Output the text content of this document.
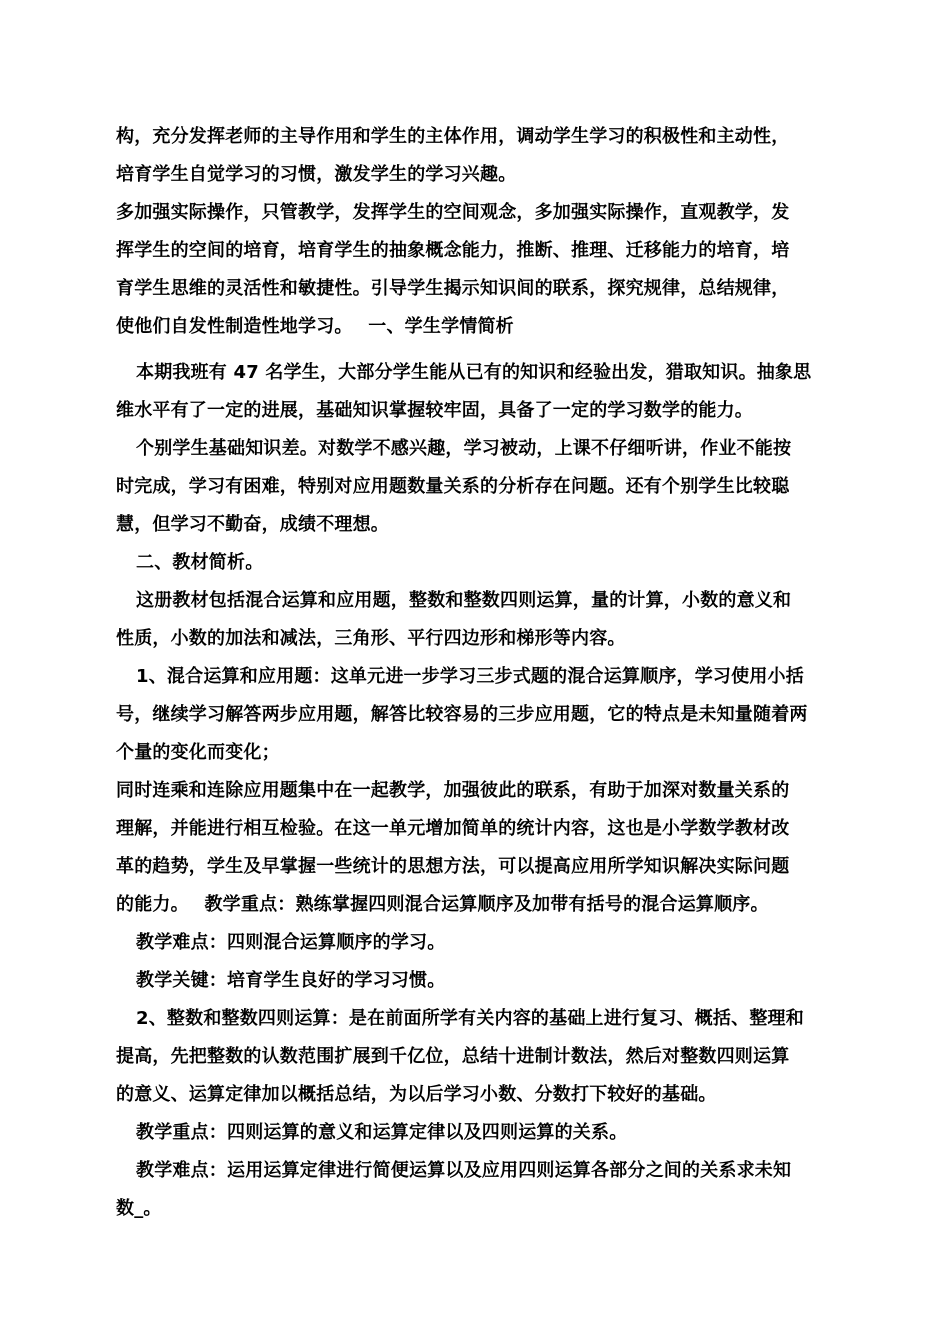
构，充分发挥老师的主导作用和学生的主体作用，调动学生学习的积极性和主动性，
培育学生自觉学习的习惯，激发学生的学习兴趣。
多加强实际操作，只管教学，发挥学生的空间观念，多加强实际操作，直观教学，发
挥学生的空间的培育，培育学生的抽象概念能力，推断、推理、迁移能力的培育，培
育学生思维的灵活性和敏捷性。引导学生揭示知识间的联系，探究规律，总结规律，
使他们自发性制造性地学习。　 一、学生学情简析
本期我班有 47 名学生，大部分学生能从已有的知识和经验出发，猎取知识。抽象思
维水平有了一定的进展，基础知识掌握较牢固，具备了一定的学习数学的能力。
个别学生基础知识差。对数学不感兴趣，学习被动，上课不仔细听讲，作业不能按
时完成，学习有困难，特别对应用题数量关系的分析存在问题。还有个别学生比较聪
慧，但学习不勤奋，成绩不理想。
二、教材简析。
这册教材包括混合运算和应用题，整数和整数四则运算，量的计算，小数的意义和
性质，小数的加法和减法，三角形、平行四边形和梯形等内容。
1、混合运算和应用题：这单元进一步学习三步式题的混合运算顺序，学习使用小括
号，继续学习解答两步应用题，解答比较容易的三步应用题，它的特点是未知量随着两
个量的变化而变化；
同时连乘和连除应用题集中在一起教学，加强彼此的联系，有助于加深对数量关系的
理解，并能进行相互检验。在这一单元增加简单的统计内容，这也是小学数学教材改
革的趋势，学生及早掌握一些统计的思想方法，可以提高应用所学知识解决实际问题
的能力。　 教学重点：熟练掌握四则混合运算顺序及加带有括号的混合运算顺序。
教学难点：四则混合运算顺序的学习。
教学关键：培育学生良好的学习习惯。
2、整数和整数四则运算：是在前面所学有关内容的基础上进行复习、概括、整理和
提高，先把整数的认数范围扩展到千亿位，总结十进制计数法，然后对整数四则运算
的意义、运算定律加以概括总结，为以后学习小数、分数打下较好的基础。
教学重点：四则运算的意义和运算定律以及四则运算的关系。
教学难点：运用运算定律进行简便运算以及应用四则运算各部分之间的关系求未知
数_。
